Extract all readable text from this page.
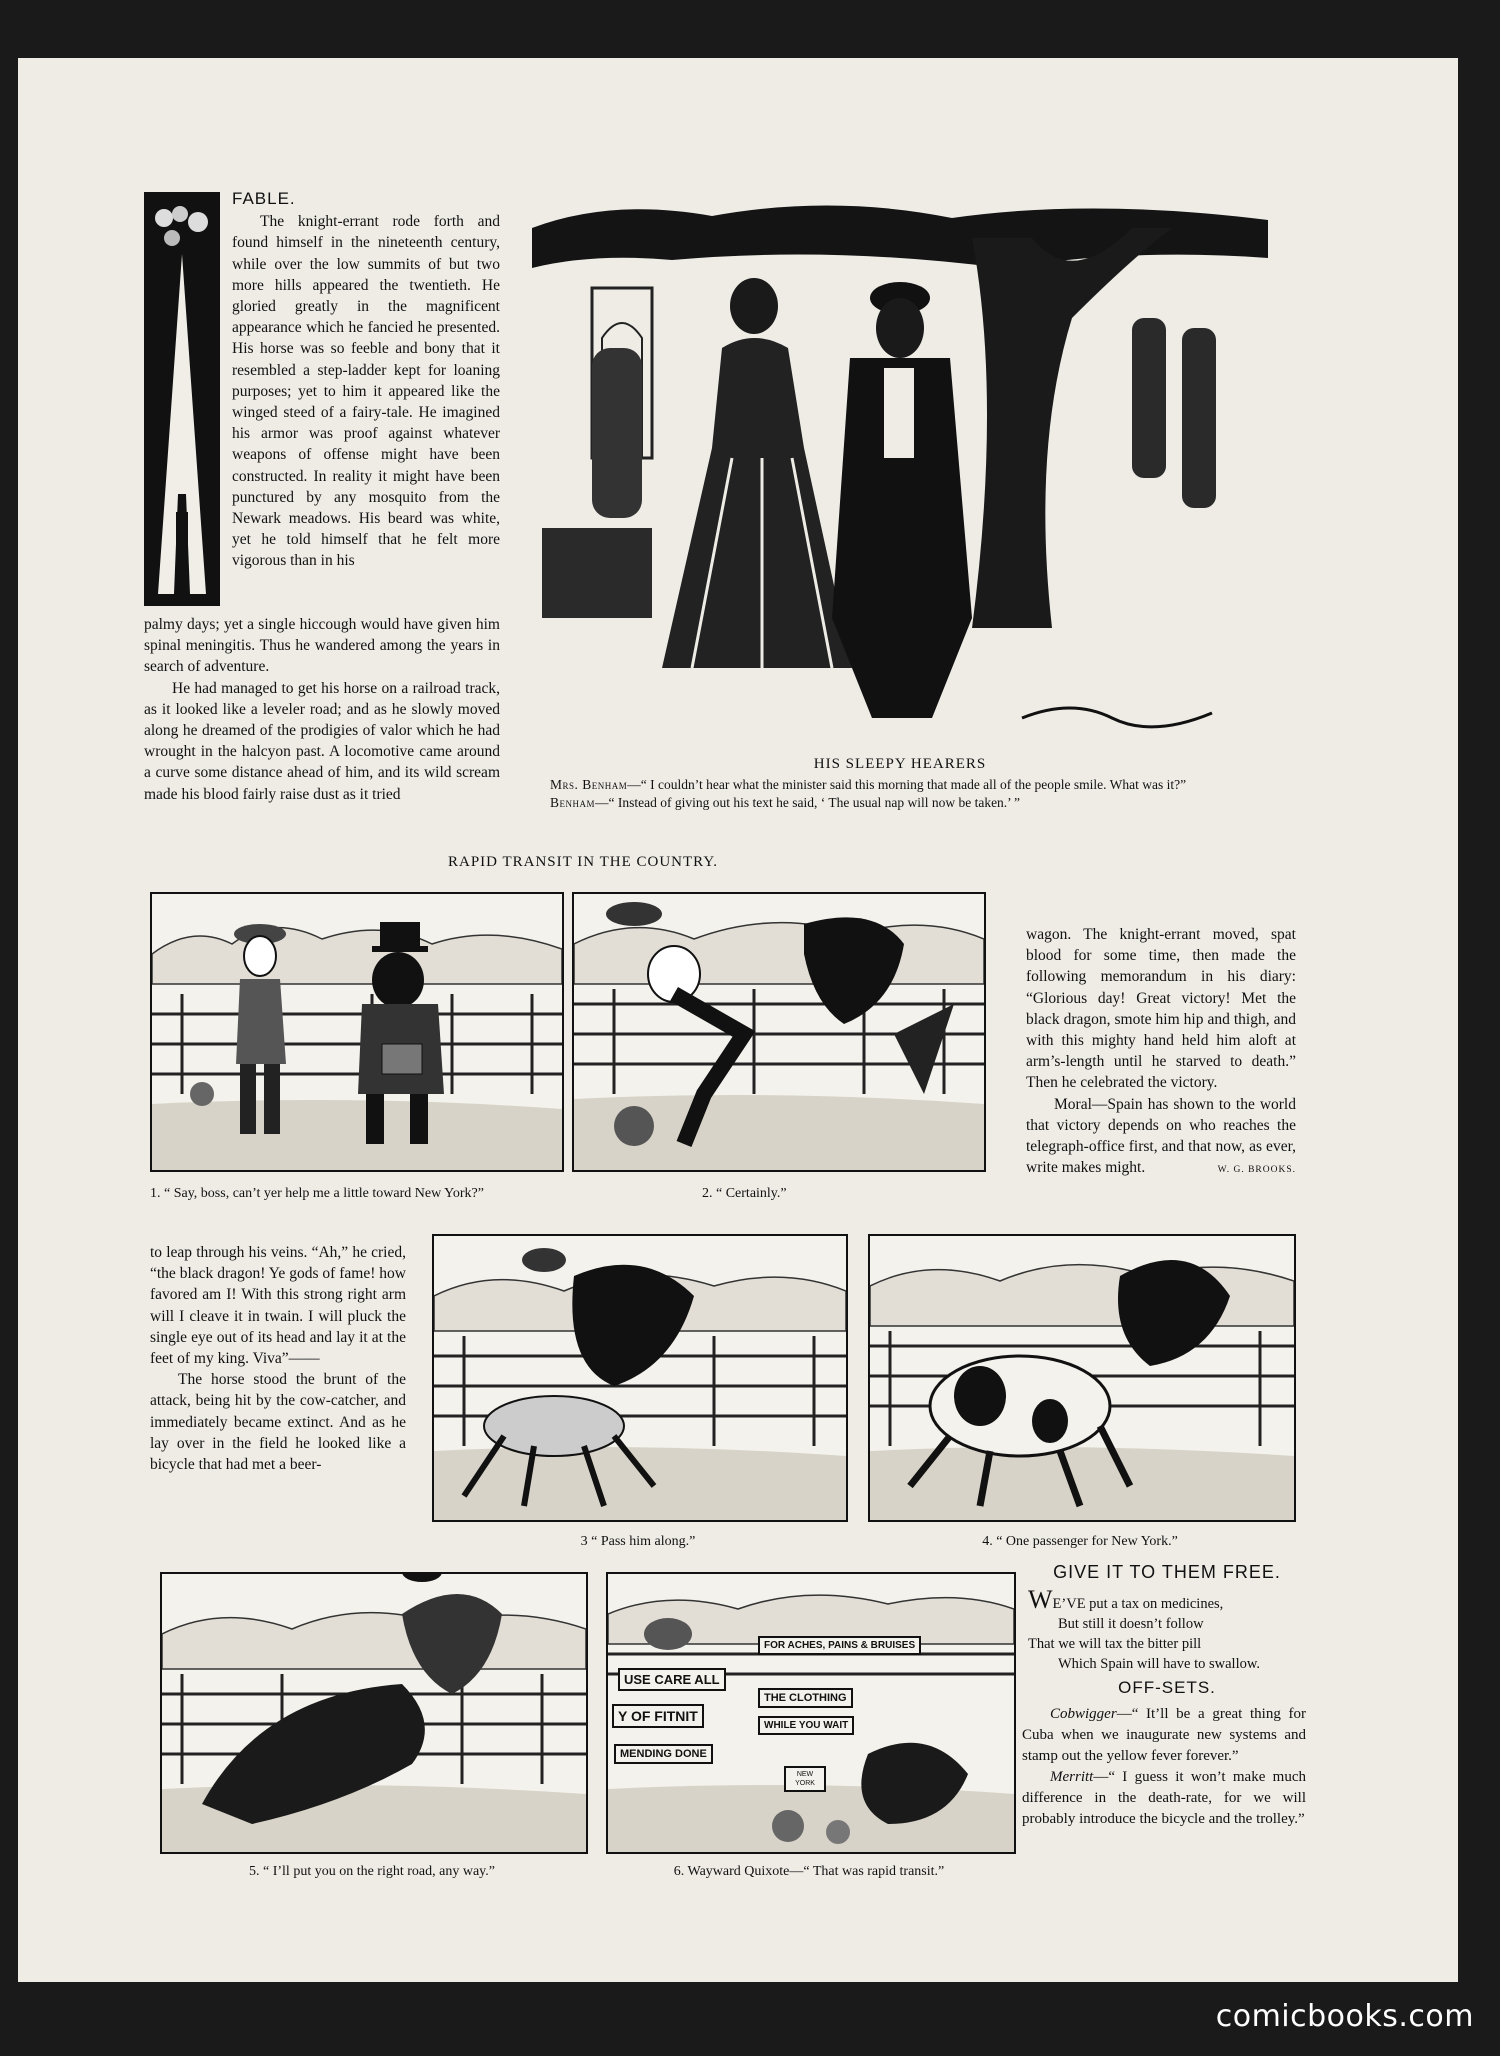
FABLE.

The knight-errant rode forth and found himself in the nineteenth century, while over the low summits of but two more hills appeared the twentieth. He gloried greatly in the magnificent appearance which he fancied he presented. His horse was so feeble and bony that it resembled a step-ladder kept for loaning purposes; yet to him it appeared like the winged steed of a fairy-tale. He imagined his armor was proof against whatever weapons of offense might have been constructed. In reality it might have been punctured by any mosquito from the Newark meadows. His beard was white, yet he told himself that he felt more vigorous than in his

palmy days; yet a single hiccough would have given him spinal meningitis. Thus he wandered among the years in search of adventure.

He had managed to get his horse on a railroad track, as it looked like a leveler road; and as he slowly moved along he dreamed of the prodigies of valor which he had wrought in the halcyon past. A locomotive came around a curve some distance ahead of him, and its wild scream made his blood fairly raise dust as it tried

HIS SLEEPY HEARERS
Mrs. Benham—“ I couldn’t hear what the minister said this morning that made all of the people smile. What was it?”
Benham—“ Instead of giving out his text he said, ‘ The usual nap will now be taken.’ ”
RAPID TRANSIT IN THE COUNTRY.

wagon. The knight-errant moved, spat blood for some time, then made the following memorandum in his diary: “Glorious day! Great victory! Met the black dragon, smote him hip and thigh, and with this mighty hand held him aloft at arm’s-length until he starved to death.” Then he celebrated the victory.

Moral—Spain has shown to the world that victory depends on who reaches the telegraph-office first, and that now, as ever, write makes might.	W. G. BROOKS.
1. “ Say, boss, can’t yer help me a little toward New York?”	2. “ Certainly.”

to leap through his veins. “Ah,” he cried, “the black dragon! Ye gods of fame! how favored am I! With this strong right arm will I cleave it in twain. I will pluck the single eye out of its head and lay it at the feet of my king. Viva”——

The horse stood the brunt of the attack, being hit by the cow-catcher, and immediately became extinct. And as he lay over in the field he looked like a bicycle that had met a beer-

3 “ Pass him along.”	4. “ One passenger for New York.”
USE CARE ALL
FOR ACHES, PAINS & BRUISES
Y OF FITNIT
THE CLOTHING
MENDING DONE
WHILE YOU WAIT
NEW YORK
5. “ I’ll put you on the right road, any way.”	6. Wayward Quixote—“ That was rapid transit.”
GIVE IT TO THEM FREE.
WE’VE put a tax on medicines,
But still it doesn’t follow
That we will tax the bitter pill
Which Spain will have to swallow.
OFF-SETS.

Cobwigger—“ It’ll be a great thing for Cuba when we inaugurate new systems and stamp out the yellow fever forever.”

Merritt—“ I guess it won’t make much difference in the death-rate, for we will probably introduce the bicycle and the trolley.”

comicbooks.com
